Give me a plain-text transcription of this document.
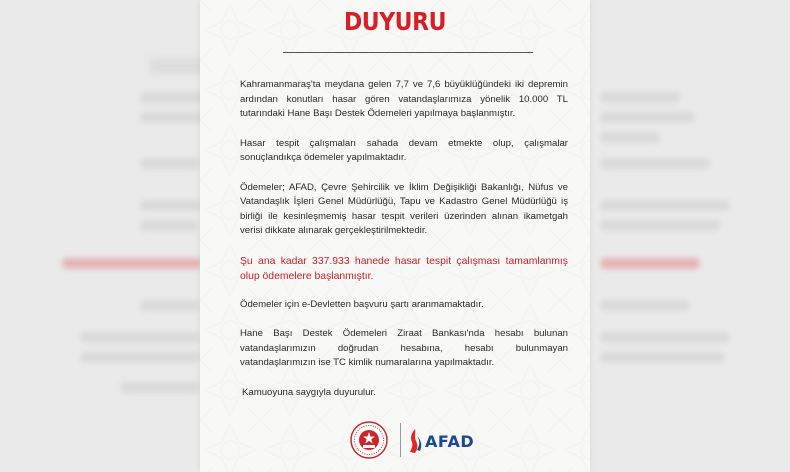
DUYURU

Kahramanmaraş'ta meydana gelen 7,7 ve 7,6 büyüklüğündeki iki depremin ardından konutları hasar gören vatandaşlarımıza yönelik 10.000 TL tutarındaki Hane Başı Destek Ödemeleri yapılmaya başlanmıştır.

Hasar tespit çalışmaları sahada devam etmekte olup, çalışmalar sonuçlandıkça ödemeler yapılmaktadır.

Ödemeler; AFAD, Çevre Şehircilik ve İklim Değişikliği Bakanlığı, Nüfus ve Vatandaşlık İşleri Genel Müdürlüğü, Tapu ve Kadastro Genel Müdürlüğü iş birliği ile kesinleşmemiş hasar tespit verileri üzerinden alınan ikametgah verisi dikkate alınarak gerçekleştirilmektedir.

Şu ana kadar 337.933 hanede hasar tespit çalışması tamamlanmış olup ödemelere başlanmıştır.

Ödemeler için e-Devletten başvuru şartı aranmamaktadır.

Hane Başı Destek Ödemeleri Ziraat Bankası'nda hesabı bulunan vatandaşlarımızın doğrudan hesabına, hesabı bulunmayan vatandaşlarımızın ise TC kimlik numaralarına yapılmaktadır.

Kamuoyuna saygıyla duyurulur.

AFAD
